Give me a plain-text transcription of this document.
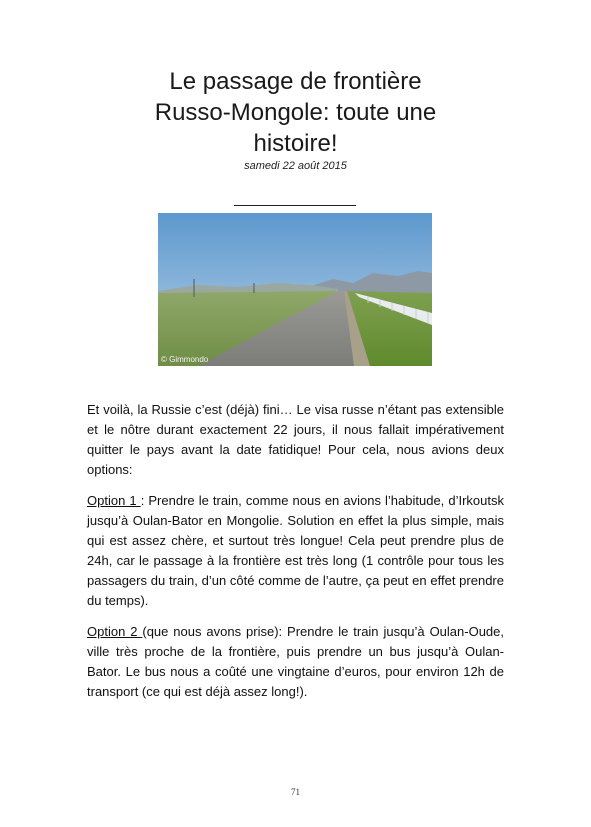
Le passage de frontière
Russo-Mongole: toute une
histoire!
samedi 22 août 2015
© Gimmondo

Et voilà, la Russie c’est (déjà) fini… Le visa russe n’étant pas extensible et le nôtre durant exactement 22 jours, il nous fallait impérativement quitter le pays avant la date fatidique! Pour cela, nous avions deux options:

Option 1 : Prendre le train, comme nous en avions l’habitude, d’Irkoutsk jusqu’à Oulan-Bator en Mongolie. Solution en effet la plus simple, mais qui est assez chère, et surtout très longue! Cela peut prendre plus de 24h, car le passage à la frontière est très long (1 contrôle pour tous les passagers du train, d’un côté comme de l’autre, ça peut en effet prendre du temps).

Option 2 (que nous avons prise): Prendre le train jusqu’à Oulan-Oude, ville très proche de la frontière, puis prendre un bus jusqu’à Oulan-Bator. Le bus nous a coûté une vingtaine d’euros, pour environ 12h de transport (ce qui est déjà assez long!).

71
